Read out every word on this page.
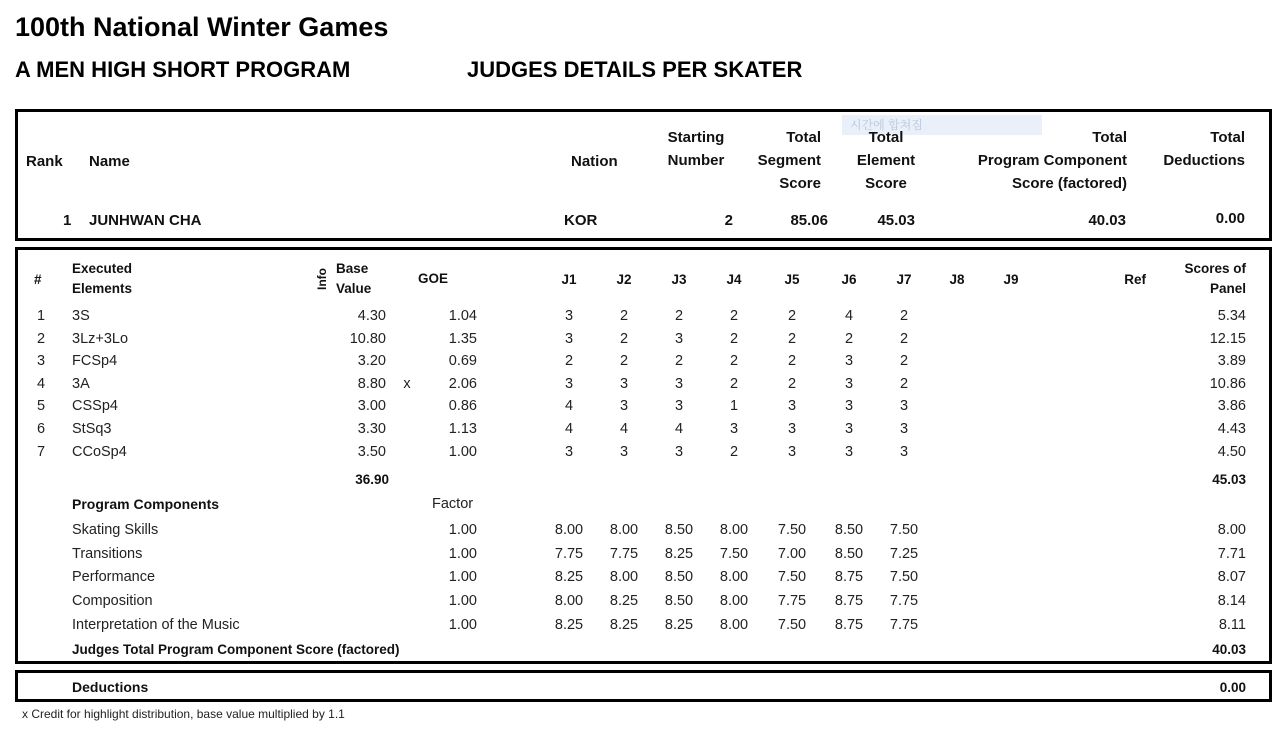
100th National Winter Games
A MEN HIGH SHORT PROGRAM	JUDGES DETAILS PER SKATER
시간에 합쳐짐
Rank Name	Nation
Starting
Number
Total
Segment
Score
Total
Element
Score
Total
Program Component
Score (factored)
Total
Deductions
1 JUNHWAN CHA	KOR	2	85.06	45.03	40.03	0.00
#
Executed
Elements	Info Base
Value
GOE	J1	J2	J3	J4	J5	J6	J7	J8	J9	Ref
Scores of
Panel
1 3S	4.30	1.04	3	2	2	2	2	4	2	5.34
2 3Lz+3Lo	10.80	1.35	3	2	3	2	2	2	2	12.15
3 FCSp4	3.20	0.69	2	2	2	2	2	3	2	3.89
4 3A	8.80 x	2.06	3	3	3	2	2	3	2	10.86
5 CSSp4	3.00	0.86	4	3	3	1	3	3	3	3.86
6 StSq3	3.30	1.13	4	4	4	3	3	3	3	4.43
7 CCoSp4	3.50	1.00	3	3	3	2	3	3	3	4.50
36.90	45.03
Program Components	Factor
Skating Skills	1.00	8.00	8.00	8.50	8.00	7.50	8.50	7.50	8.00
Transitions	1.00	7.75	7.75	8.25	7.50	7.00	8.50	7.25	7.71
Performance	1.00	8.25	8.00	8.50	8.00	7.50	8.75	7.50	8.07
Composition	1.00	8.00	8.25	8.50	8.00	7.75	8.75	7.75	8.14
Interpretation of the Music	1.00	8.25	8.25	8.25	8.00	7.50	8.75	7.75	8.11
Judges Total Program Component Score (factored)	40.03
Deductions	0.00
x Credit for highlight distribution, base value multiplied by 1.1
